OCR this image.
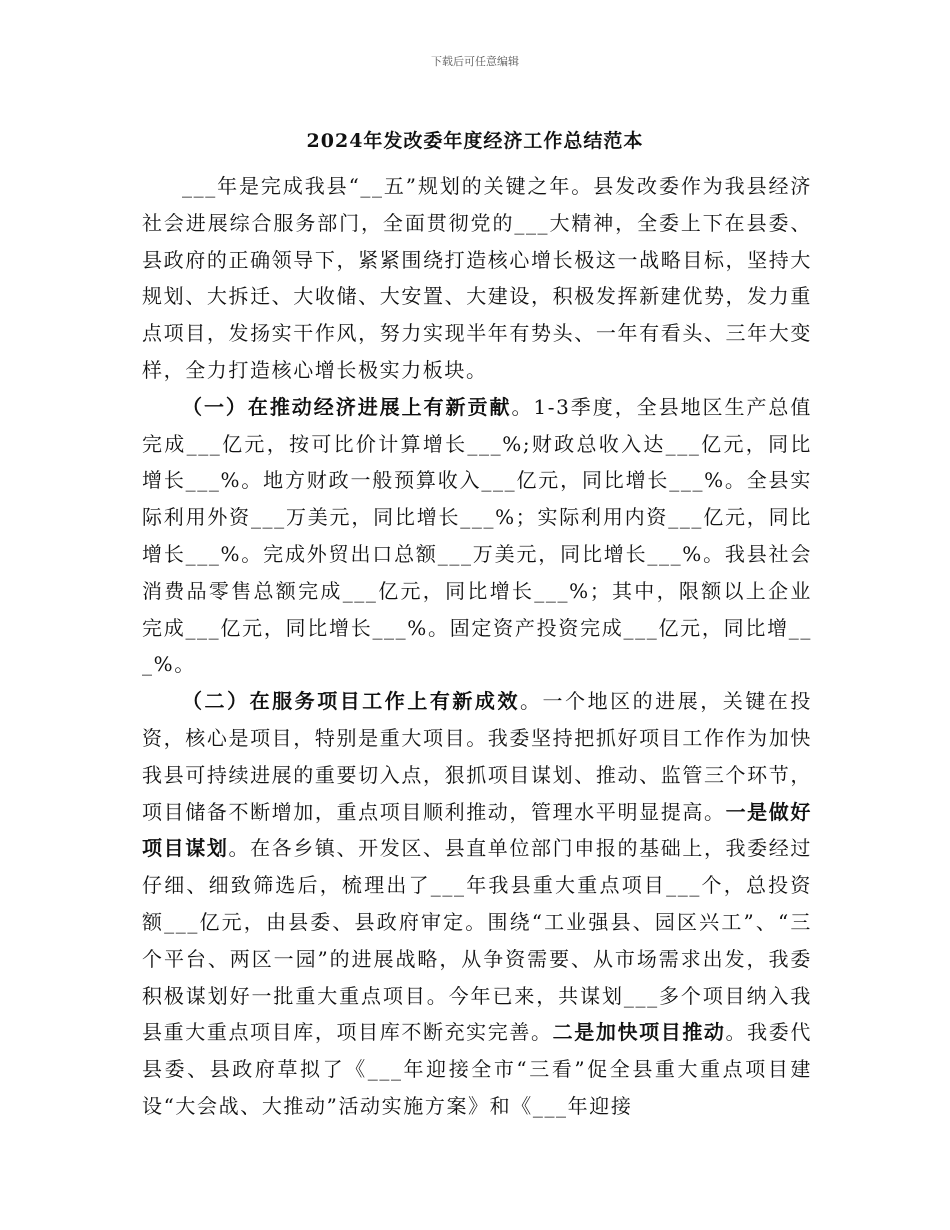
下载后可任意编辑
2024年发改委年度经济工作总结范本

___年是完成我县“__五”规划的关键之年。县发改委作为我县经济社会进展综合服务部门，全面贯彻党的___大精神，全委上下在县委、县政府的正确领导下，紧紧围绕打造核心增长极这一战略目标，坚持大规划、大拆迁、大收储、大安置、大建设，积极发挥新建优势，发力重点项目，发扬实干作风，努力实现半年有势头、一年有看头、三年大变样，全力打造核心增长极实力板块。

（一）在推动经济进展上有新贡献。1-3季度，全县地区生产总值完成___亿元，按可比价计算增长___%;财政总收入达___亿元，同比增长___%。地方财政一般预算收入___亿元，同比增长___%。全县实际利用外资___万美元，同比增长___%；实际利用内资___亿元，同比增长___%。完成外贸出口总额___万美元，同比增长___%。我县社会消费品零售总额完成___亿元，同比增长___%；其中，限额以上企业完成___亿元，同比增长___%。固定资产投资完成___亿元，同比增___%。

（二）在服务项目工作上有新成效。一个地区的进展，关键在投资，核心是项目，特别是重大项目。我委坚持把抓好项目工作作为加快我县可持续进展的重要切入点，狠抓项目谋划、推动、监管三个环节，项目储备不断增加，重点项目顺利推动，管理水平明显提高。一是做好项目谋划。在各乡镇、开发区、县直单位部门申报的基础上，我委经过仔细、细致筛选后，梳理出了___年我县重大重点项目___个，总投资额___亿元，由县委、县政府审定。围绕“工业强县、园区兴工”、“三个平台、两区一园”的进展战略，从争资需要、从市场需求出发，我委积极谋划好一批重大重点项目。今年已来，共谋划___多个项目纳入我县重大重点项目库，项目库不断充实完善。二是加快项目推动。我委代县委、县政府草拟了《___年迎接全市“三看”促全县重大重点项目建设“大会战、大推动”活动实施方案》和《___年迎接
